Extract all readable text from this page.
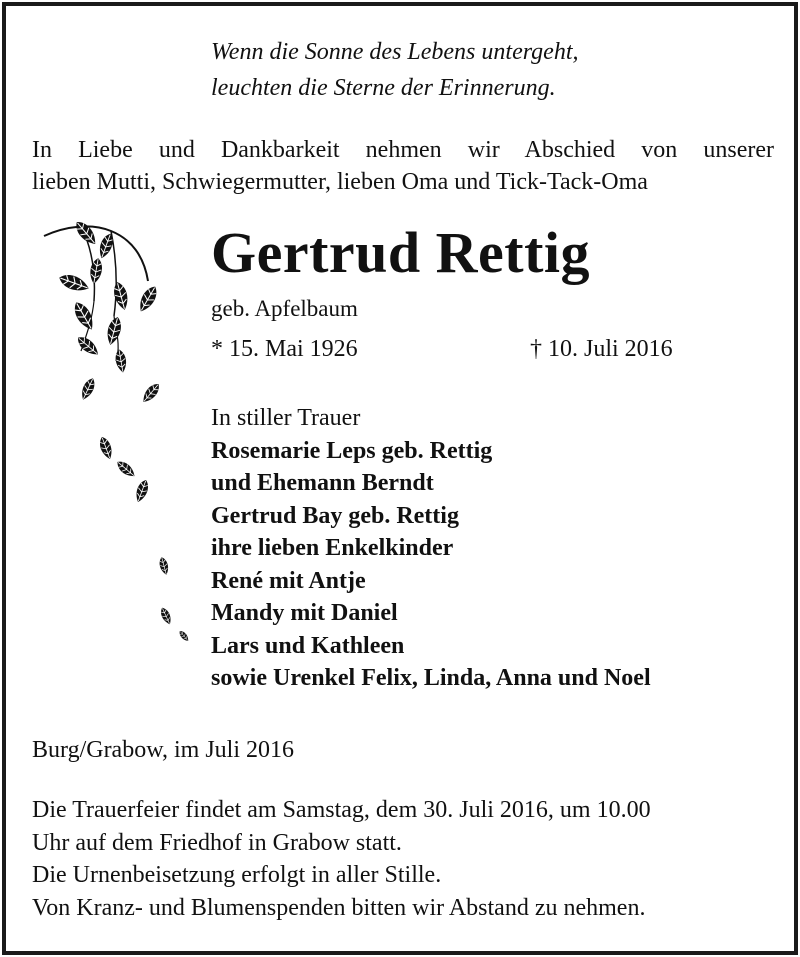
Wenn die Sonne des Lebens untergeht,
leuchten die Sterne der Erinnerung.
In Liebe und Dankbarkeit nehmen wir Abschied von unserer
lieben Mutti, Schwiegermutter, lieben Oma und Tick-Tack-Oma
Gertrud Rettig
geb. Apfelbaum
* 15. Mai 1926	† 10. Juli 2016
In stiller Trauer
Rosemarie Leps geb. Rettig
und Ehemann Berndt
Gertrud Bay geb. Rettig
ihre lieben Enkelkinder
René mit Antje
Mandy mit Daniel
Lars und Kathleen
sowie Urenkel Felix, Linda, Anna und Noel
Burg/Grabow, im Juli 2016
Die Trauerfeier findet am Samstag, dem 30. Juli 2016, um 10.00
Uhr auf dem Friedhof in Grabow statt.
Die Urnenbeisetzung erfolgt in aller Stille.
Von Kranz- und Blumenspenden bitten wir Abstand zu nehmen.
